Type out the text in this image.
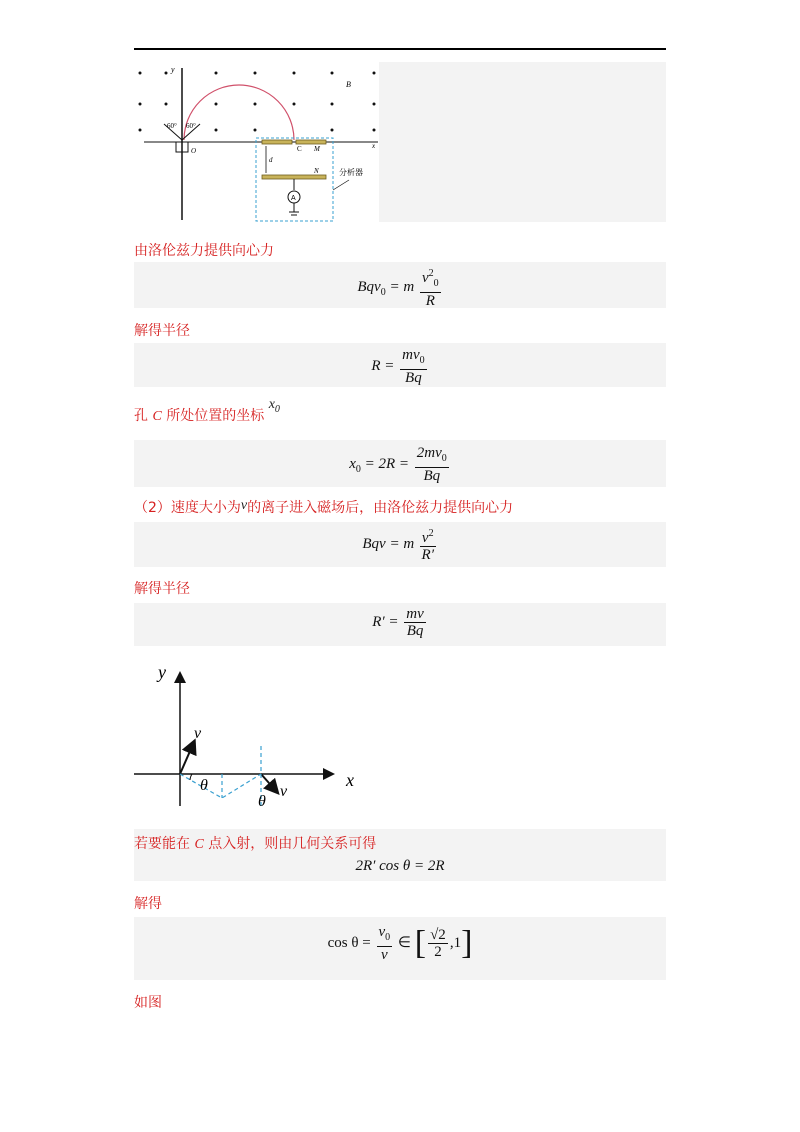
y
x
B
60° 60°
O	C M
N
d
A
分析器
由洛伦兹力提供向心力
Bqv$_0$ = m $\frac{v^2_0}{R}$
解得半径
$R = \frac{mv_0}{Bq}$
孔 C 所处位置的坐标 $x_0$
$x_0 = 2R = \frac{2mv_0}{Bq}$
（2）速度大小为v的离子进入磁场后，由洛伦兹力提供向心力
Bqv = m $\frac{v^2}{R'}$
解得半径
$R' = \frac{mv}{Bq}$
y
x
v
v
θ
θ
若要能在 C 点入射，则由几何关系可得
2R′ cos θ = 2R
解得
$\cos \theta = \frac{v_0}{v}$ ∈ [ $\frac{√2}{2} ,1$]
如图
